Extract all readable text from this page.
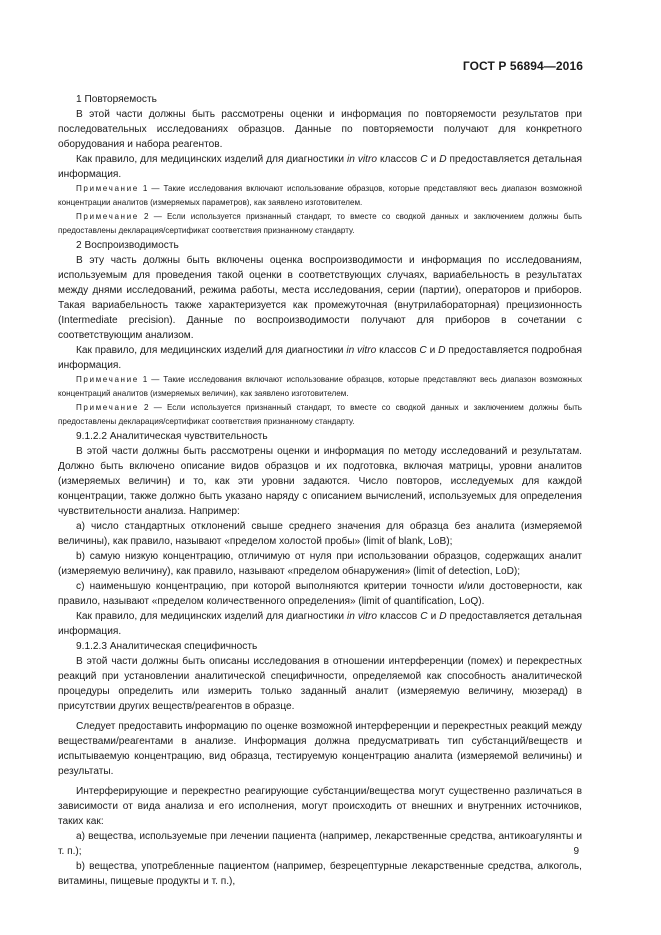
ГОСТ Р 56894—2016

1 Повторяемость

В этой части должны быть рассмотрены оценки и информация по повторяемости результатов при последовательных исследованиях образцов. Данные по повторяемости получают для конкретного оборудования и набора реагентов.

Как правило, для медицинских изделий для диагностики in vitro классов C и D предоставляется детальная информация.

Примечание 1 — Такие исследования включают использование образцов, которые представляют весь диапазон возможной концентрации аналитов (измеряемых параметров), как заявлено изготовителем.

Примечание 2 — Если используется признанный стандарт, то вместе со сводкой данных и заключением должны быть предоставлены декларация/сертификат соответствия признанному стандарту.

2 Воспроизводимость

В эту часть должны быть включены оценка воспроизводимости и информация по исследованиям, используемым для проведения такой оценки в соответствующих случаях, вариабельность в результатах между днями исследований, режима работы, места исследования, серии (партии), операторов и приборов. Такая вариабельность также характеризуется как промежуточная (внутрилабораторная) прецизионность (Intermediate precision). Данные по воспроизводимости получают для приборов в сочетании с соответствующим анализом.

Как правило, для медицинских изделий для диагностики in vitro классов C и D предоставляется подробная информация.

Примечание 1 — Такие исследования включают использование образцов, которые представляют весь диапазон возможных концентраций аналитов (измеряемых величин), как заявлено изготовителем.

Примечание 2 — Если используется признанный стандарт, то вместе со сводкой данных и заключением должны быть предоставлены декларация/сертификат соответствия признанному стандарту.

9.1.2.2 Аналитическая чувствительность

В этой части должны быть рассмотрены оценки и информация по методу исследований и результатам. Должно быть включено описание видов образцов и их подготовка, включая матрицы, уровни аналитов (измеряемых величин) и то, как эти уровни задаются. Число повторов, исследуемых для каждой концентрации, также должно быть указано наряду с описанием вычислений, используемых для определения чувствительности анализа. Например:

а) число стандартных отклонений свыше среднего значения для образца без аналита (измеряемой величины), как правило, называют «пределом холостой пробы» (limit of blank, LoB);

b) самую низкую концентрацию, отличимую от нуля при использовании образцов, содержащих аналит (измеряемую величину), как правило, называют «пределом обнаружения» (limit of detection, LoD);

c) наименьшую концентрацию, при которой выполняются критерии точности и/или достоверности, как правило, называют «пределом количественного определения» (limit of quantification, LoQ).

Как правило, для медицинских изделий для диагностики in vitro классов C и D предоставляется детальная информация.

9.1.2.3 Аналитическая специфичность

В этой части должны быть описаны исследования в отношении интерференции (помех) и перекрестных реакций при установлении аналитической специфичности, определяемой как способность аналитической процедуры определить или измерить только заданный аналит (измеряемую величину, мюзерад) в присутствии других веществ/реагентов в образце.

Следует предоставить информацию по оценке возможной интерференции и перекрестных реакций между веществами/реагентами в анализе. Информация должна предусматривать тип субстанций/веществ и испытываемую концентрацию, вид образца, тестируемую концентрацию аналита (измеряемой величины) и результаты.

Интерферирующие и перекрестно реагирующие субстанции/вещества могут существенно различаться в зависимости от вида анализа и его исполнения, могут происходить от внешних и внутренних источников, таких как:

а) вещества, используемые при лечении пациента (например, лекарственные средства, антикоагулянты и т. п.);

b) вещества, употребленные пациентом (например, безрецептурные лекарственные средства, алкоголь, витамины, пищевые продукты и т. п.),

9
